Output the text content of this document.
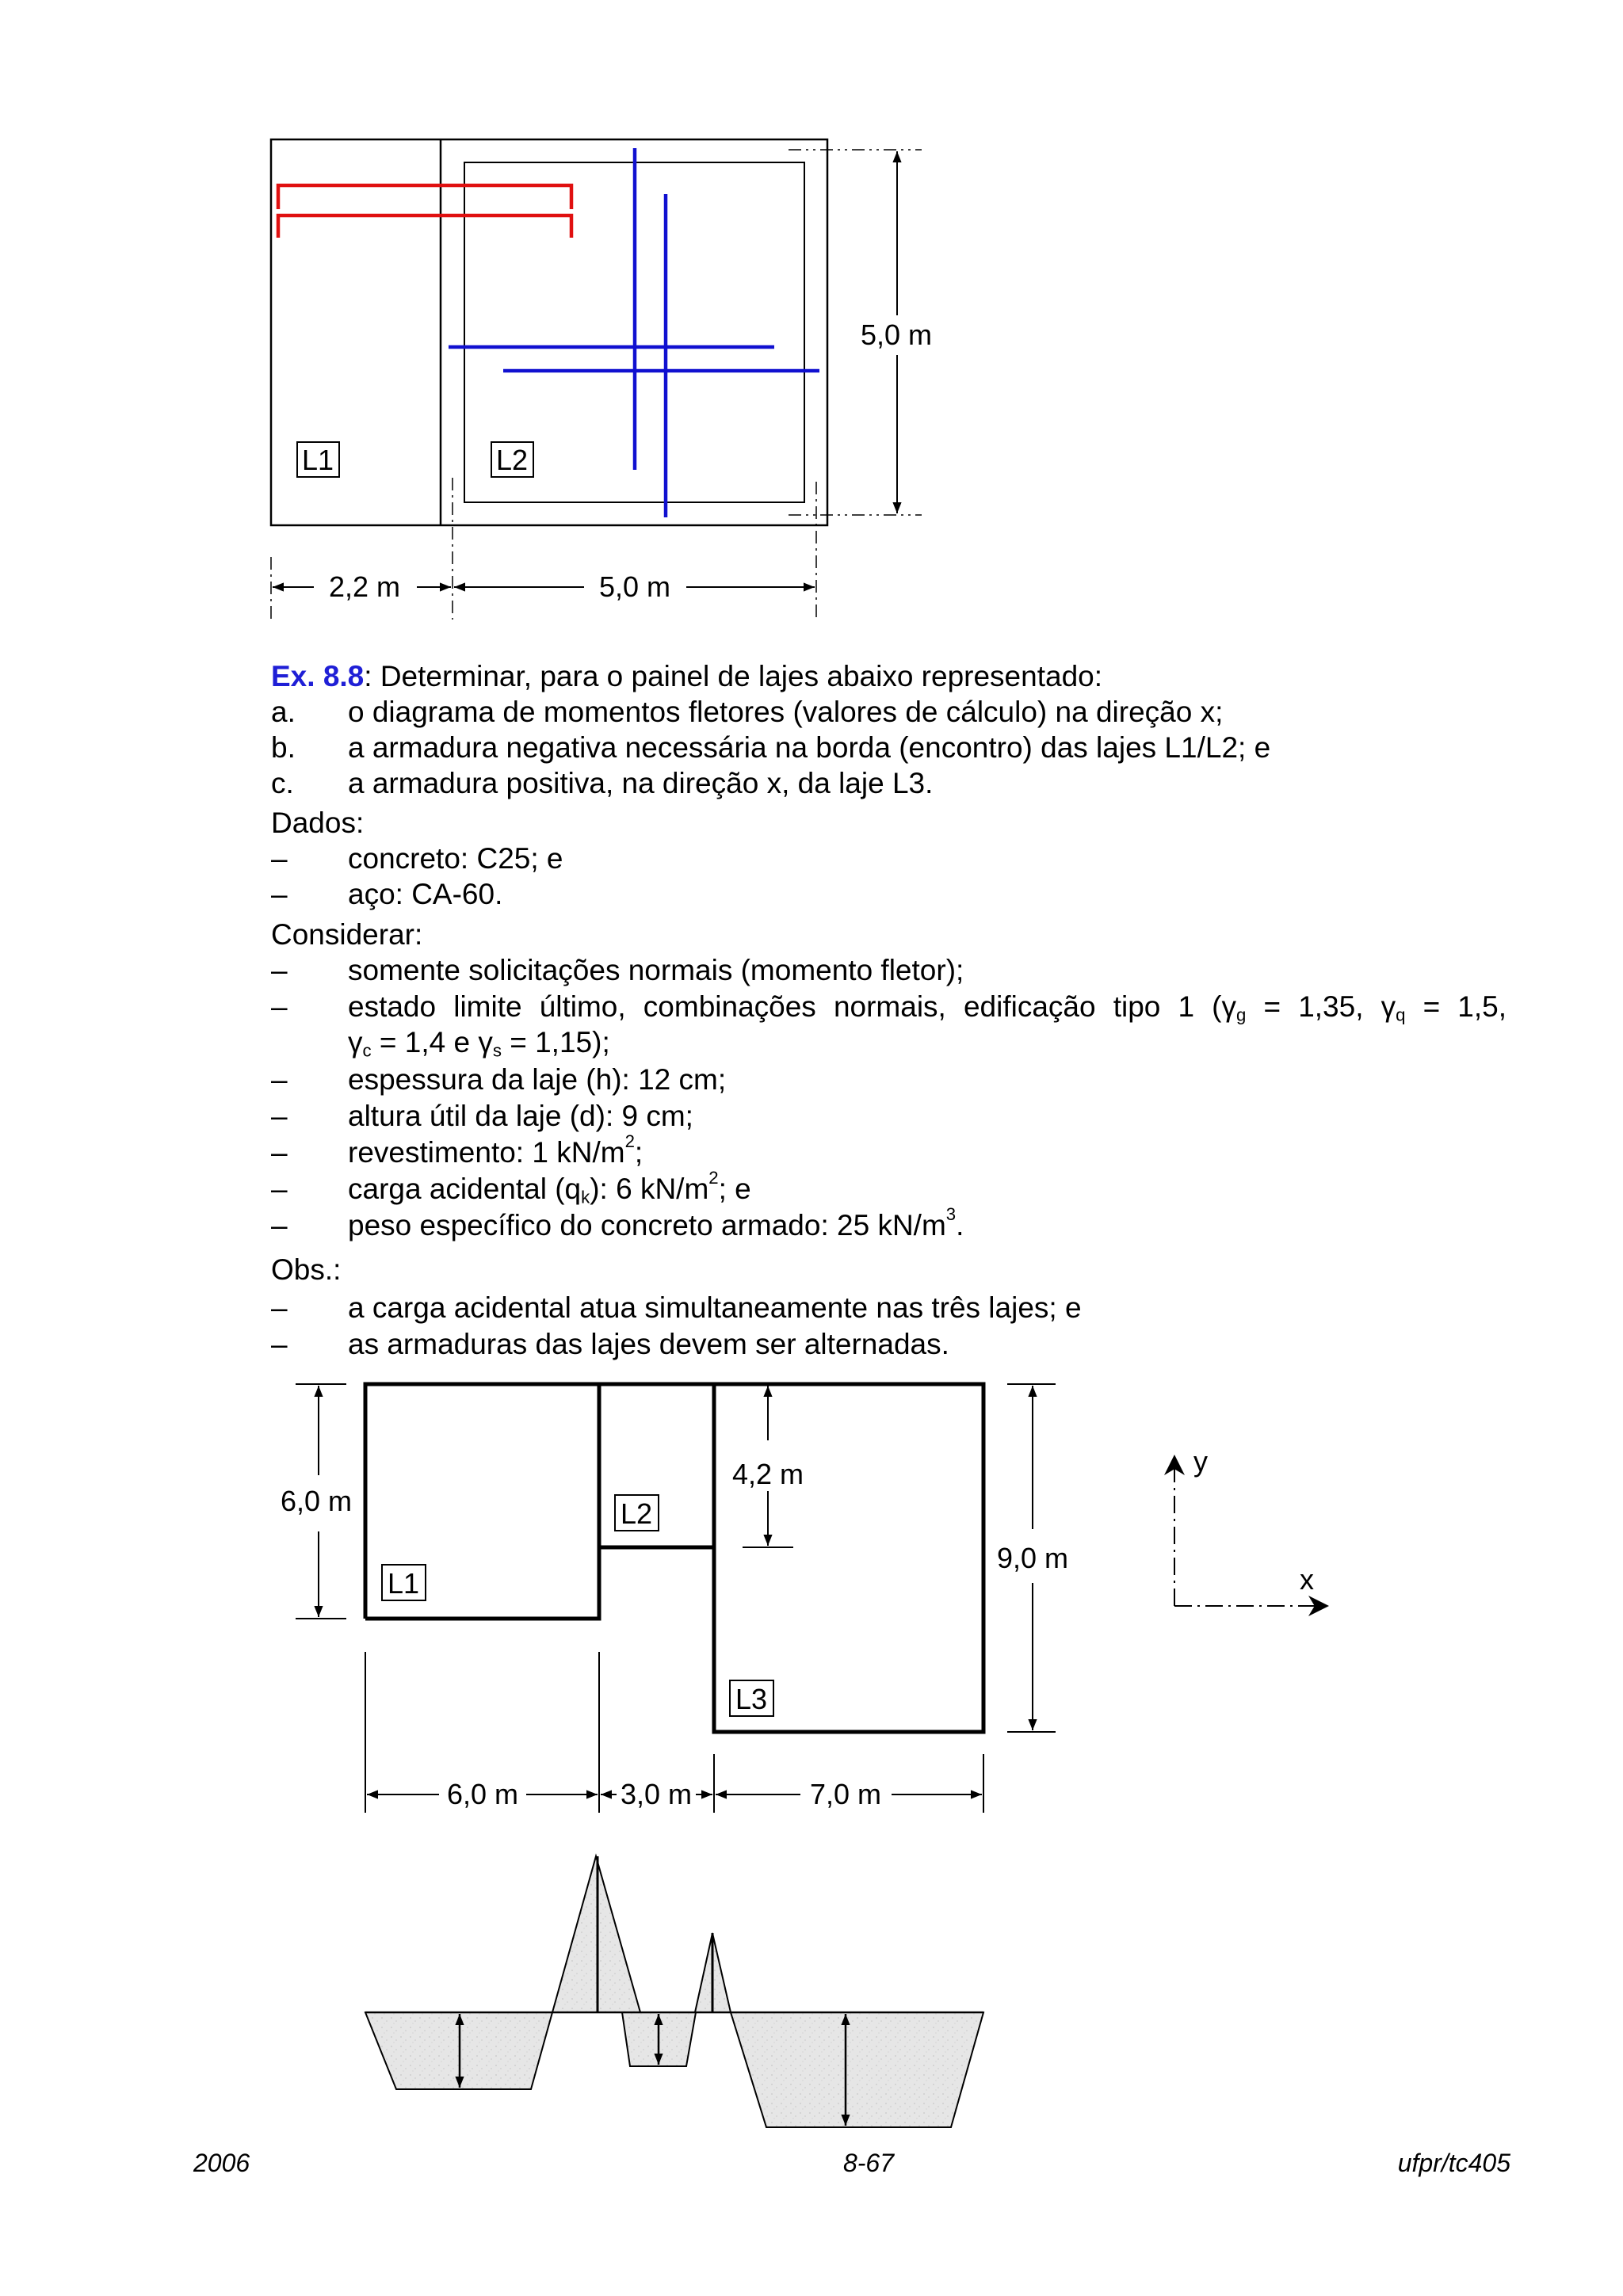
L1	L2
5,0 m
2,2 m	5,0 m
L1
L2
L3
6,0 m
4,2 m
9,0 m
6,0 m	3,0 m	7,0 m
y
x
Ex. 8.8: Determinar, para o painel de lajes abaixo representado:
a. o diagrama de momentos fletores (valores de cálculo) na direção x;
b. a armadura negativa necessária na borda (encontro) das lajes L1/L2; e
c. a armadura positiva, na direção x, da laje L3.
Dados:
– concreto: C25; e
– aço: CA-60.
Considerar:
– somente solicitações normais (momento fletor);
– estado limite último, combinações normais, edificação tipo 1 ($\gamma_g = 1,35$, $\gamma_q = 1,5$,
$\gamma_c = 1,4$ e $\gamma_s = 1,15$);
– espessura da laje (h): 12 cm;
– altura útil da laje (d): 9 cm;
– revestimento: 1 $kN/m^2$;
– carga acidental $(q_k)$: 6 $kN/m^2$; e
– peso específico do concreto armado: 25 $kN/m^3$.
Obs.:
– a carga acidental atua simultaneamente nas três lajes; e
– as armaduras das lajes devem ser alternadas.
2006	8-67	ufpr/tc405
